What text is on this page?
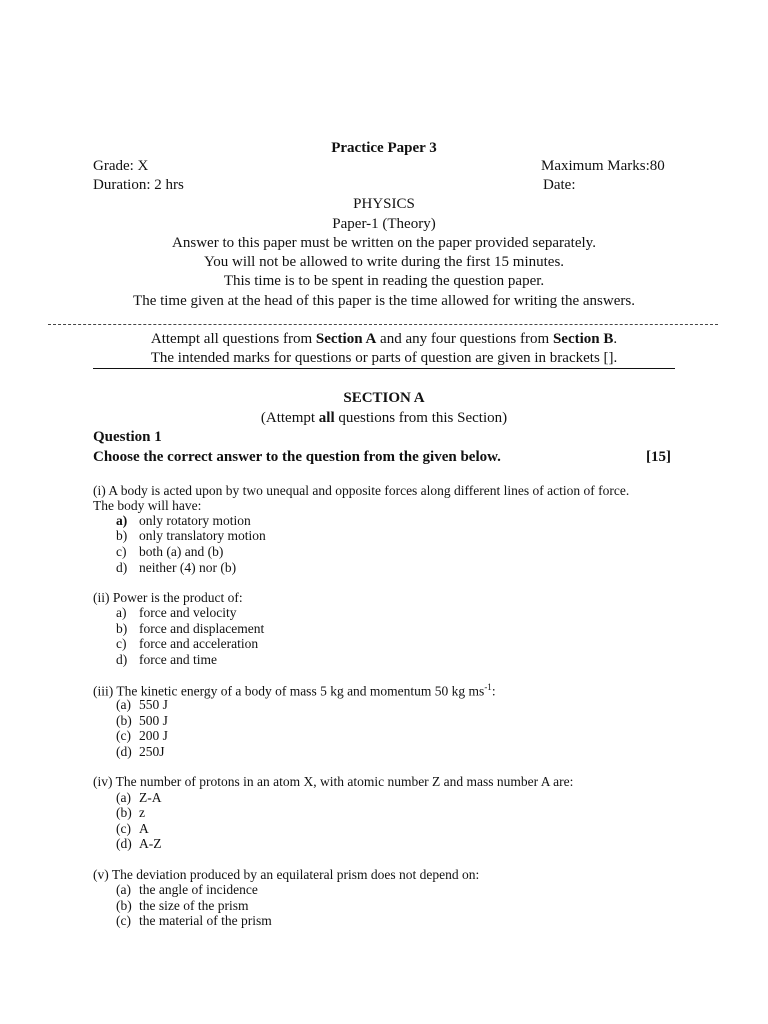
Practice Paper 3
Grade: X	Maximum Marks:80
Duration: 2 hrs	Date:
PHYSICS
Paper-1 (Theory)
Answer to this paper must be written on the paper provided separately.
You will not be allowed to write during the first 15 minutes.
This time is to be spent in reading the question paper.
The time given at the head of this paper is the time allowed for writing the answers.
Attempt all questions from Section A and any four questions from Section B.
The intended marks for questions or parts of question are given in brackets [].
SECTION A
(Attempt all questions from this Section)
Question 1
Choose the correct answer to the question from the given below.	[15]
(i) A body is acted upon by two unequal and opposite forces along different lines of action of force.
The body will have:
a) only rotatory motion
b) only translatory motion
c) both (a) and (b)
d) neither (4) nor (b)
(ii) Power is the product of:
a) force and velocity
b) force and displacement
c) force and acceleration
d) force and time
(iii) The kinetic energy of a body of mass 5 kg and momentum 50 kg $ms^{-1}$:
(a) 550 J
(b) 500 J
(c) 200 J
(d) 250J
(iv) The number of protons in an atom X, with atomic number Z and mass number A are:
(a) Z-A
(b) z
(c) A
(d) A-Z
(v) The deviation produced by an equilateral prism does not depend on:
(a) the angle of incidence
(b) the size of the prism
(c) the material of the prism
